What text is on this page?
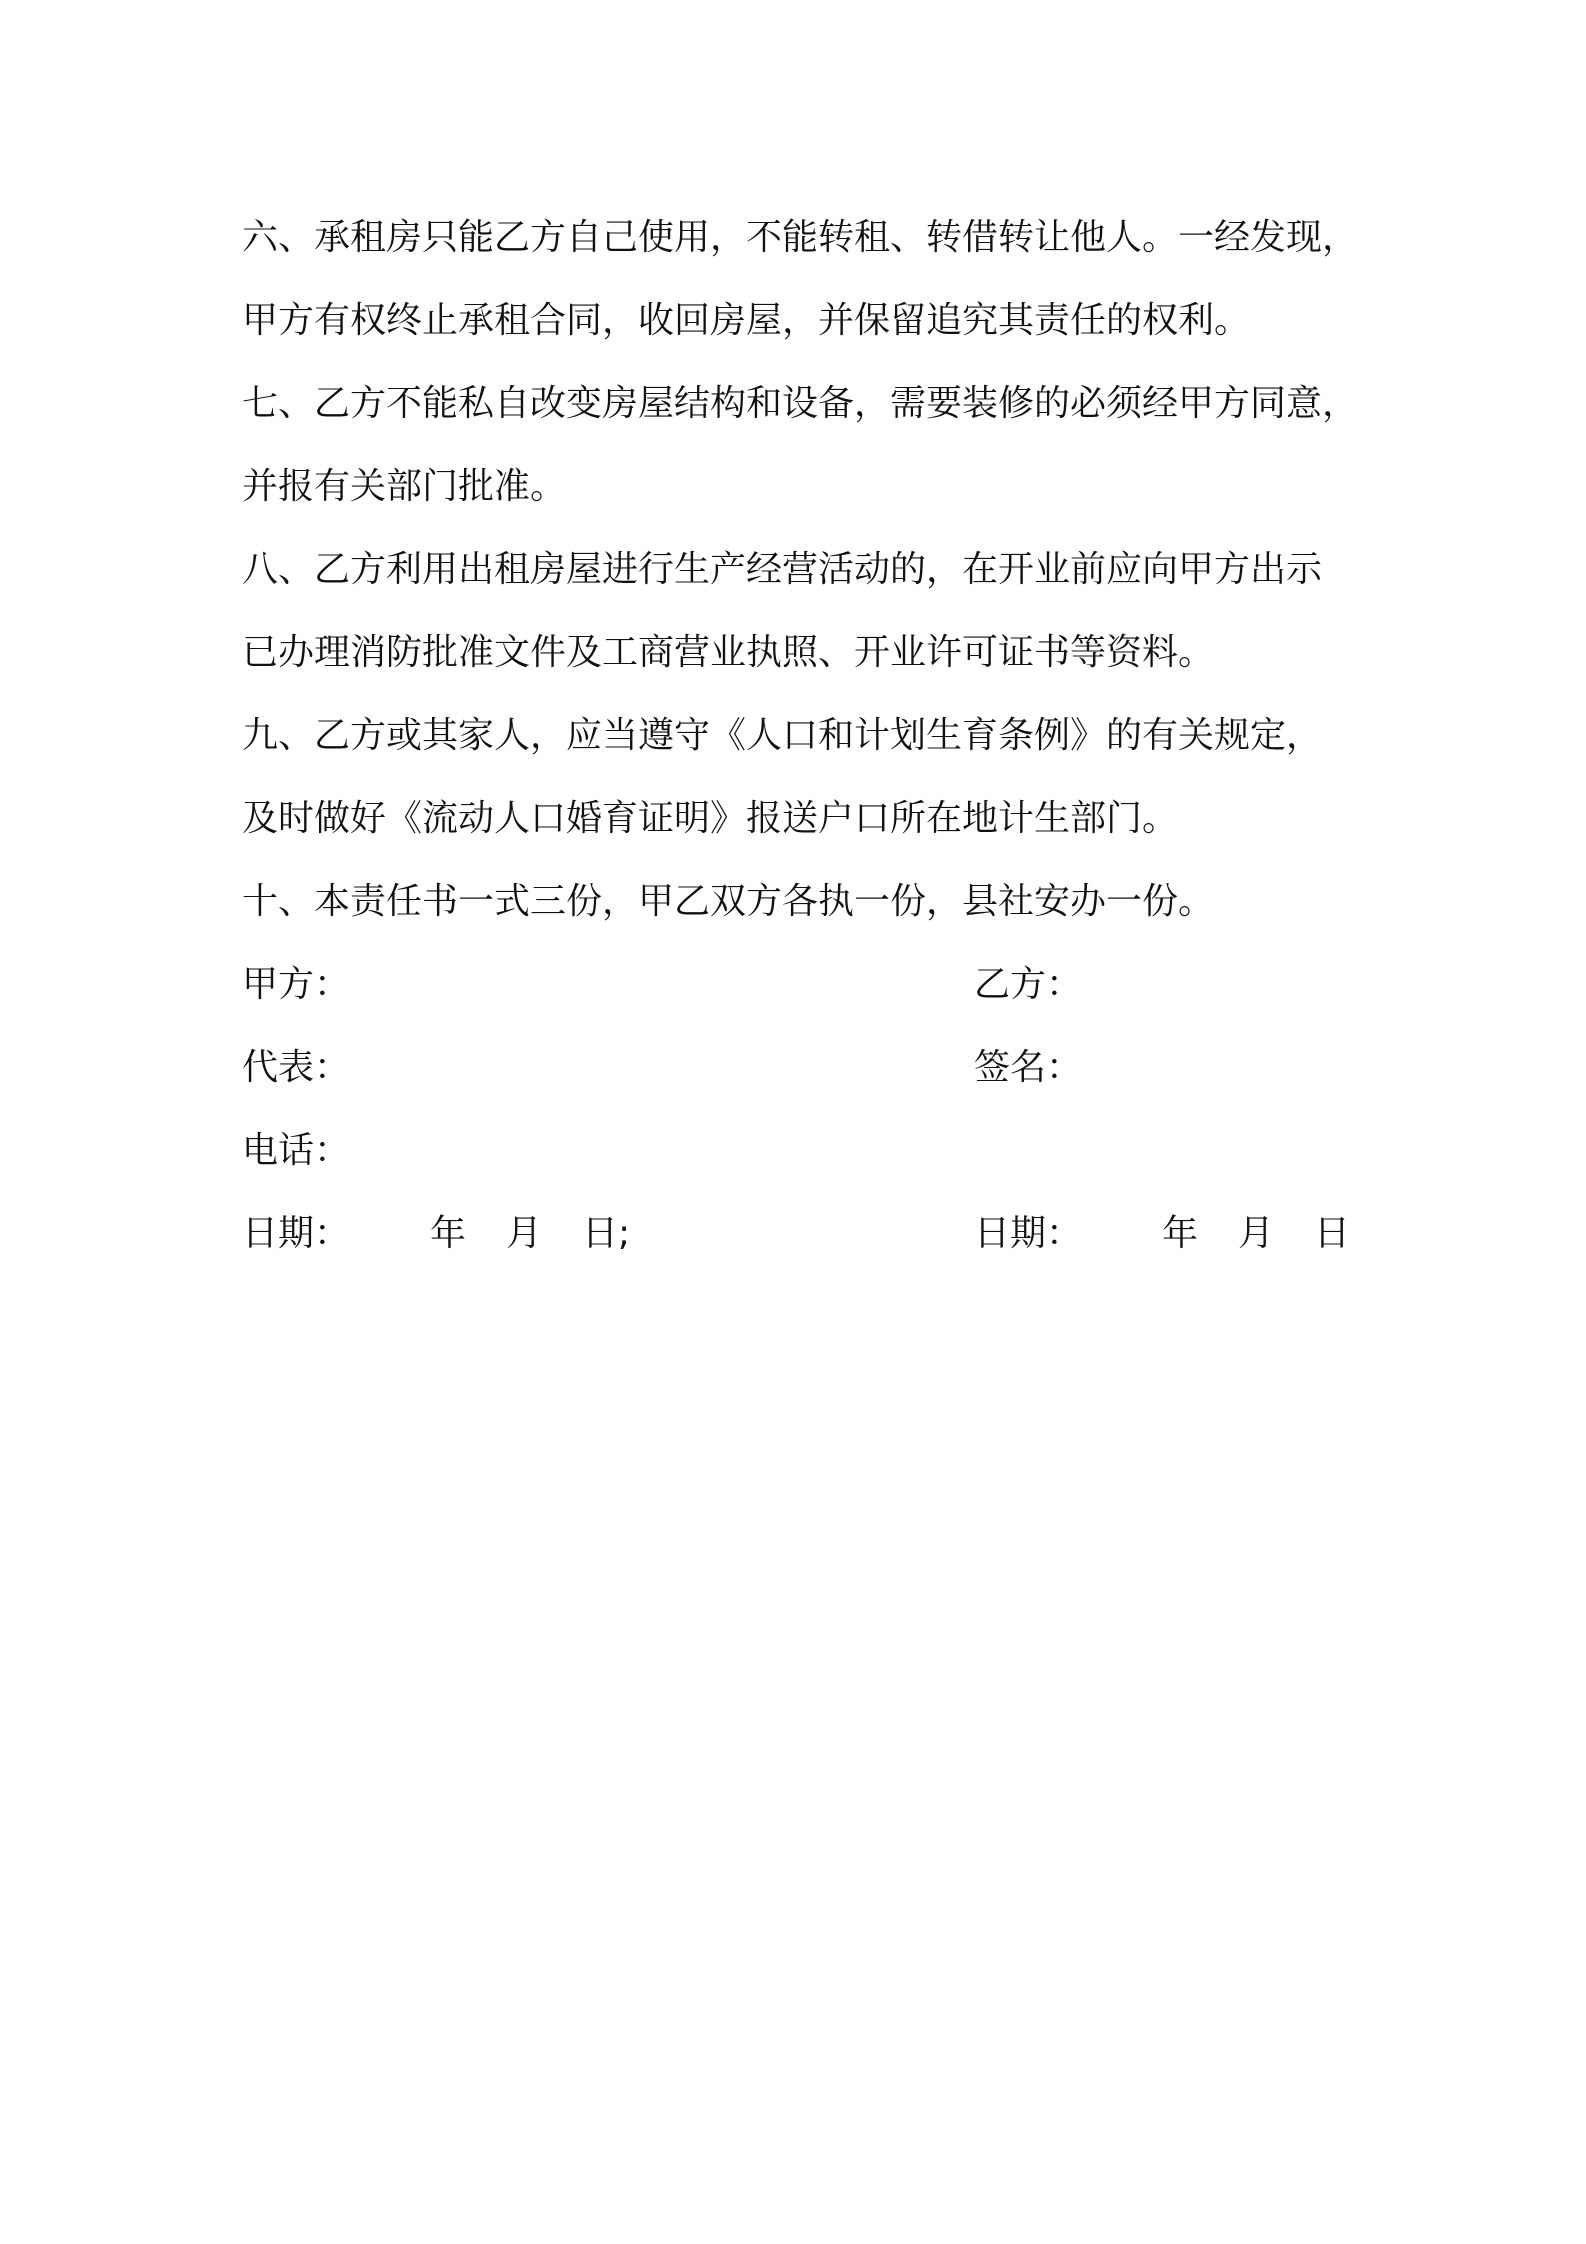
六、承租房只能乙方自己使用，不能转租、转借转让他人。一经发现，
甲方有权终止承租合同，收回房屋，并保留追究其责任的权利。
七、乙方不能私自改变房屋结构和设备，需要装修的必须经甲方同意，
并报有关部门批准。
八、乙方利用出租房屋进行生产经营活动的，在开业前应向甲方出示
已办理消防批准文件及工商营业执照、开业许可证书等资料。
九、乙方或其家人，应当遵守《人口和计划生育条例》的有关规定，
及时做好《流动人口婚育证明》报送户口所在地计生部门。
十、本责任书一式三份，甲乙双方各执一份，县社安办一份。
甲方：	乙方：
代表：	签名：
电话：
日期： 年 月 日;	日期： 年 月 日
